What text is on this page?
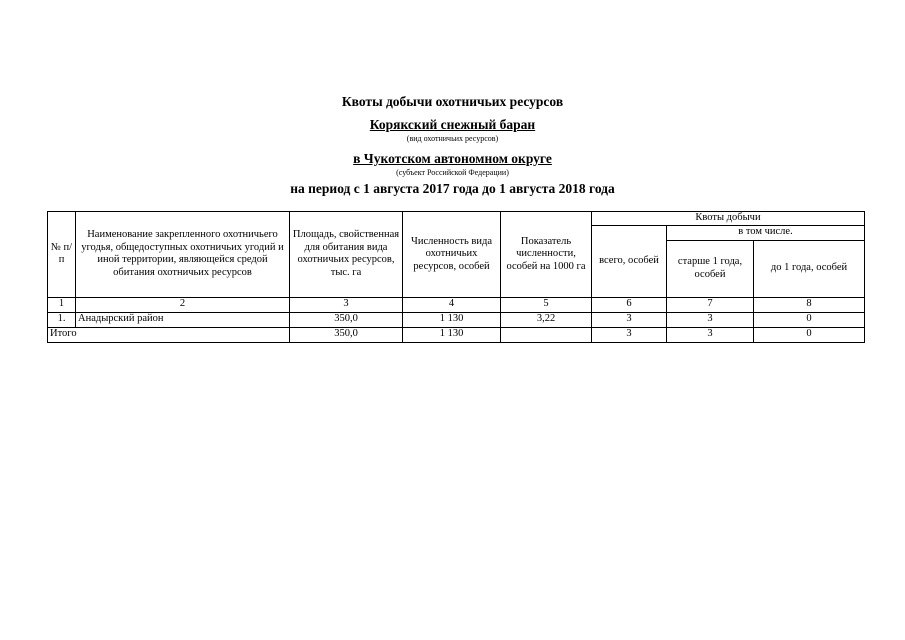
Квоты добычи охотничьих ресурсов

Корякский снежный баран

(вид охотничьих ресурсов)

в Чукотском автономном округе

(субъект Российской Федерации)

на период с 1 августа 2017 года до 1 августа 2018 года

№ п/п	Наименование закрепленного охотничьего угодья, общедоступных охотничьих угодий и иной территории, являющейся средой обитания охотничьих ресурсов	Площадь, свойственная для обитания вида охотничьих ресурсов, тыс. га	Численность вида охотничьих ресурсов, особей	Показатель численности, особей на 1000 га	Квоты добычи		
					всего, особей	в том числе.	
						старше 1 года, особей	до 1 года, особей
1	2	3	4	5	6	7	8
1.	Анадырский район	350,0	1 130	3,22	3	3	0
Итого		350,0	1 130		3	3	0
